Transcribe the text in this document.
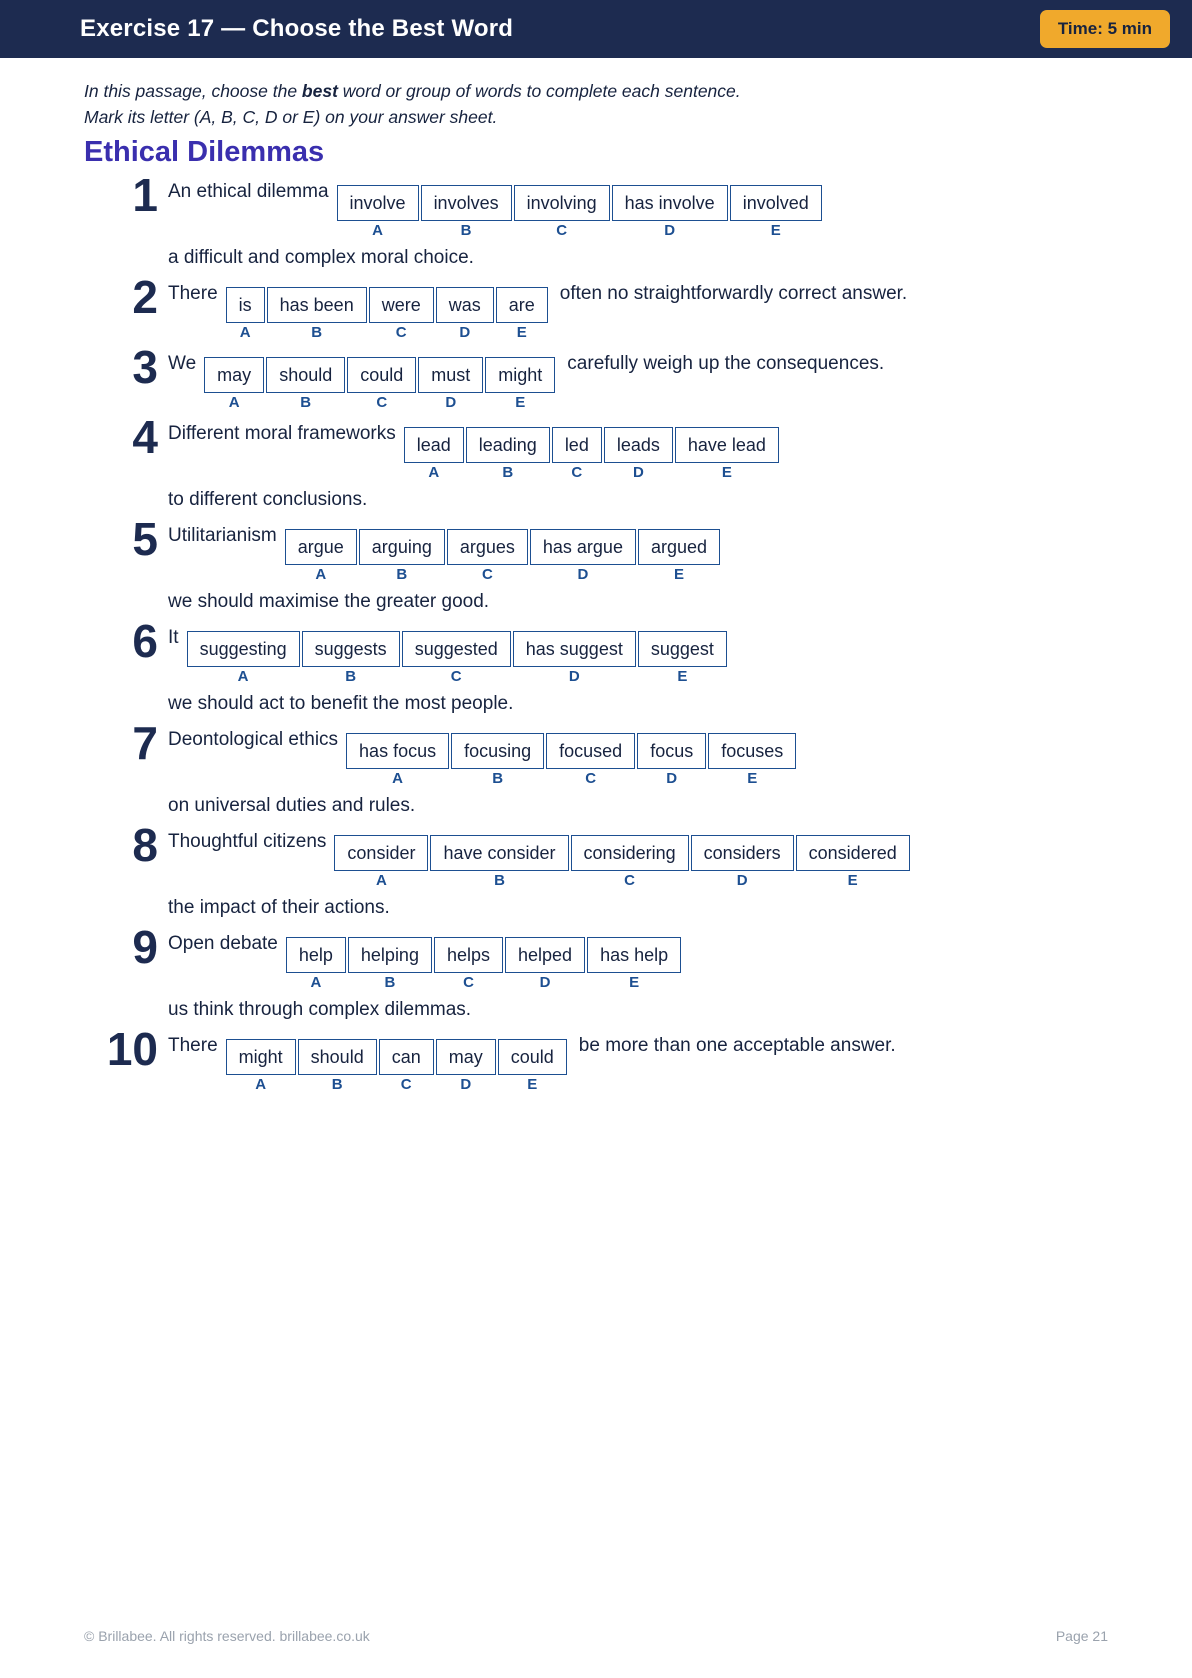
Exercise 17 — Choose the Best Word	Time: 5 min
In this passage, choose the best word or group of words to complete each sentence.
Mark its letter (A, B, C, D or E) on your answer sheet.
Ethical Dilemmas
1 An ethical dilemma
involve
A
involves
B
involving
C
has involve
D
involved
E
a difficult and complex moral choice.
2 There
is
A
has been
B
were
C
was
D
are
E
often no straightforwardly correct answer.
3 We
may
A
should
B
could
C
must
D
might
E
carefully weigh up the consequences.
4 Different moral frameworks
lead
A
leading
B
led
C
leads
D
have lead
E
to different conclusions.
5 Utilitarianism
argue
A
arguing
B
argues
C
has argue
D
argued
E
we should maximise the greater good.
6 It
suggesting
A
suggests
B
suggested
C
has suggest
D
suggest
E
we should act to benefit the most people.
7 Deontological ethics
has focus
A
focusing
B
focused
C
focus
D
focuses
E
on universal duties and rules.
8 Thoughtful citizens
consider
A
have consider
B
considering
C
considers
D
considered
E
the impact of their actions.
9 Open debate
help
A
helping
B
helps
C
helped
D
has help
E
us think through complex dilemmas.
10 There
might
A
should
B
can
C
may
D
could
E
be more than one acceptable answer.
© Brillabee. All rights reserved. brillabee.co.uk	Page 21
